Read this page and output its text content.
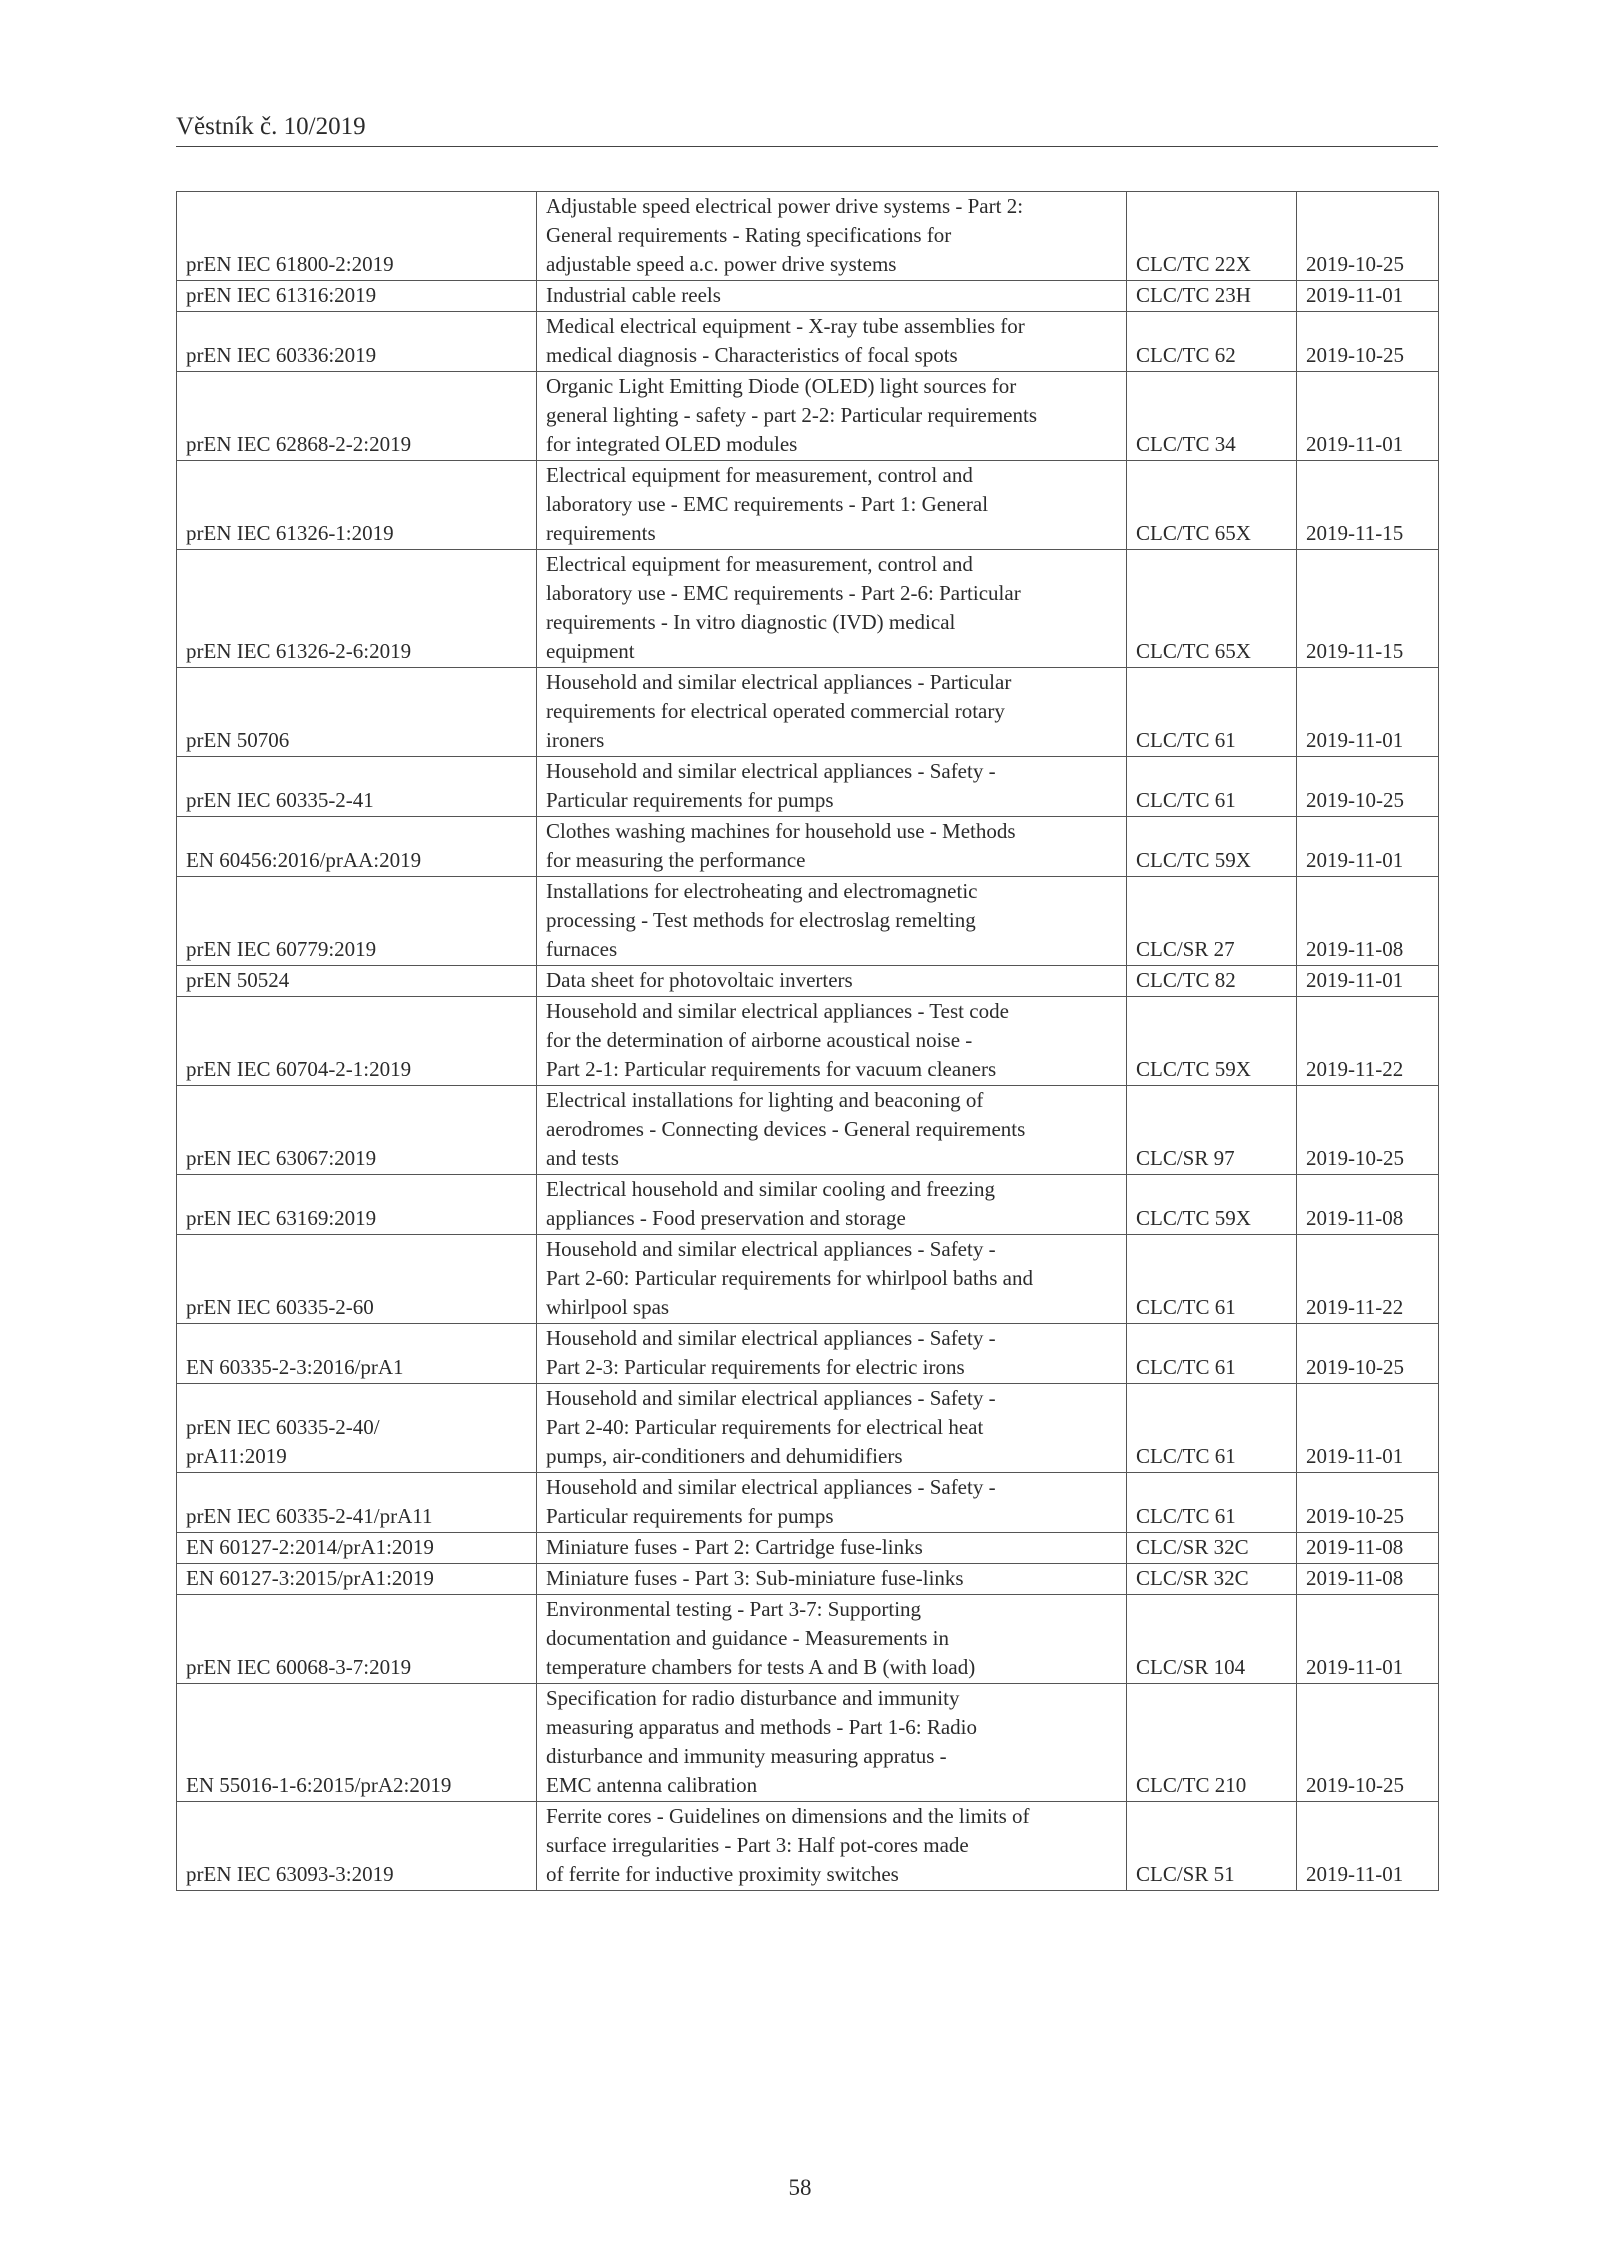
Věstník č. 10/2019
prEN IEC 61800-2:2019	Adjustable speed electrical power drive systems - Part 2:
General requirements - Rating specifications for
adjustable speed a.c. power drive systems	CLC/TC 22X	2019-10-25
prEN IEC 61316:2019	Industrial cable reels	CLC/TC 23H	2019-11-01
prEN IEC 60336:2019	Medical electrical equipment - X-ray tube assemblies for
medical diagnosis - Characteristics of focal spots	CLC/TC 62	2019-10-25
prEN IEC 62868-2-2:2019	Organic Light Emitting Diode (OLED) light sources for
general lighting - safety - part 2-2: Particular requirements
for integrated OLED modules	CLC/TC 34	2019-11-01
prEN IEC 61326-1:2019	Electrical equipment for measurement, control and
laboratory use - EMC requirements - Part 1: General
requirements	CLC/TC 65X	2019-11-15
prEN IEC 61326-2-6:2019	Electrical equipment for measurement, control and
laboratory use - EMC requirements - Part 2-6: Particular
requirements - In vitro diagnostic (IVD) medical
equipment	CLC/TC 65X	2019-11-15
prEN 50706	Household and similar electrical appliances - Particular
requirements for electrical operated commercial rotary
ironers	CLC/TC 61	2019-11-01
prEN IEC 60335-2-41	Household and similar electrical appliances - Safety -
Particular requirements for pumps	CLC/TC 61	2019-10-25
EN 60456:2016/prAA:2019	Clothes washing machines for household use - Methods
for measuring the performance	CLC/TC 59X	2019-11-01
prEN IEC 60779:2019	Installations for electroheating and electromagnetic
processing - Test methods for electroslag remelting
furnaces	CLC/SR 27	2019-11-08
prEN 50524	Data sheet for photovoltaic inverters	CLC/TC 82	2019-11-01
prEN IEC 60704-2-1:2019	Household and similar electrical appliances - Test code
for the determination of airborne acoustical noise -
Part 2-1: Particular requirements for vacuum cleaners	CLC/TC 59X	2019-11-22
prEN IEC 63067:2019	Electrical installations for lighting and beaconing of
aerodromes - Connecting devices - General requirements
and tests	CLC/SR 97	2019-10-25
prEN IEC 63169:2019	Electrical household and similar cooling and freezing
appliances - Food preservation and storage	CLC/TC 59X	2019-11-08
prEN IEC 60335-2-60	Household and similar electrical appliances - Safety -
Part 2-60: Particular requirements for whirlpool baths and
whirlpool spas	CLC/TC 61	2019-11-22
EN 60335-2-3:2016/prA1	Household and similar electrical appliances - Safety -
Part 2-3: Particular requirements for electric irons	CLC/TC 61	2019-10-25
prEN IEC 60335-2-40/
prA11:2019	Household and similar electrical appliances - Safety -
Part 2-40: Particular requirements for electrical heat
pumps, air-conditioners and dehumidifiers	CLC/TC 61	2019-11-01
prEN IEC 60335-2-41/prA11	Household and similar electrical appliances - Safety -
Particular requirements for pumps	CLC/TC 61	2019-10-25
EN 60127-2:2014/prA1:2019	Miniature fuses - Part 2: Cartridge fuse-links	CLC/SR 32C	2019-11-08
EN 60127-3:2015/prA1:2019	Miniature fuses - Part 3: Sub-miniature fuse-links	CLC/SR 32C	2019-11-08
prEN IEC 60068-3-7:2019	Environmental testing - Part 3-7: Supporting
documentation and guidance - Measurements in
temperature chambers for tests A and B (with load)	CLC/SR 104	2019-11-01
EN 55016-1-6:2015/prA2:2019	Specification for radio disturbance and immunity
measuring apparatus and methods - Part 1-6: Radio
disturbance and immunity measuring appratus -
EMC antenna calibration	CLC/TC 210	2019-10-25
prEN IEC 63093-3:2019	Ferrite cores - Guidelines on dimensions and the limits of
surface irregularities - Part 3: Half pot-cores made
of ferrite for inductive proximity switches	CLC/SR 51	2019-11-01
58
